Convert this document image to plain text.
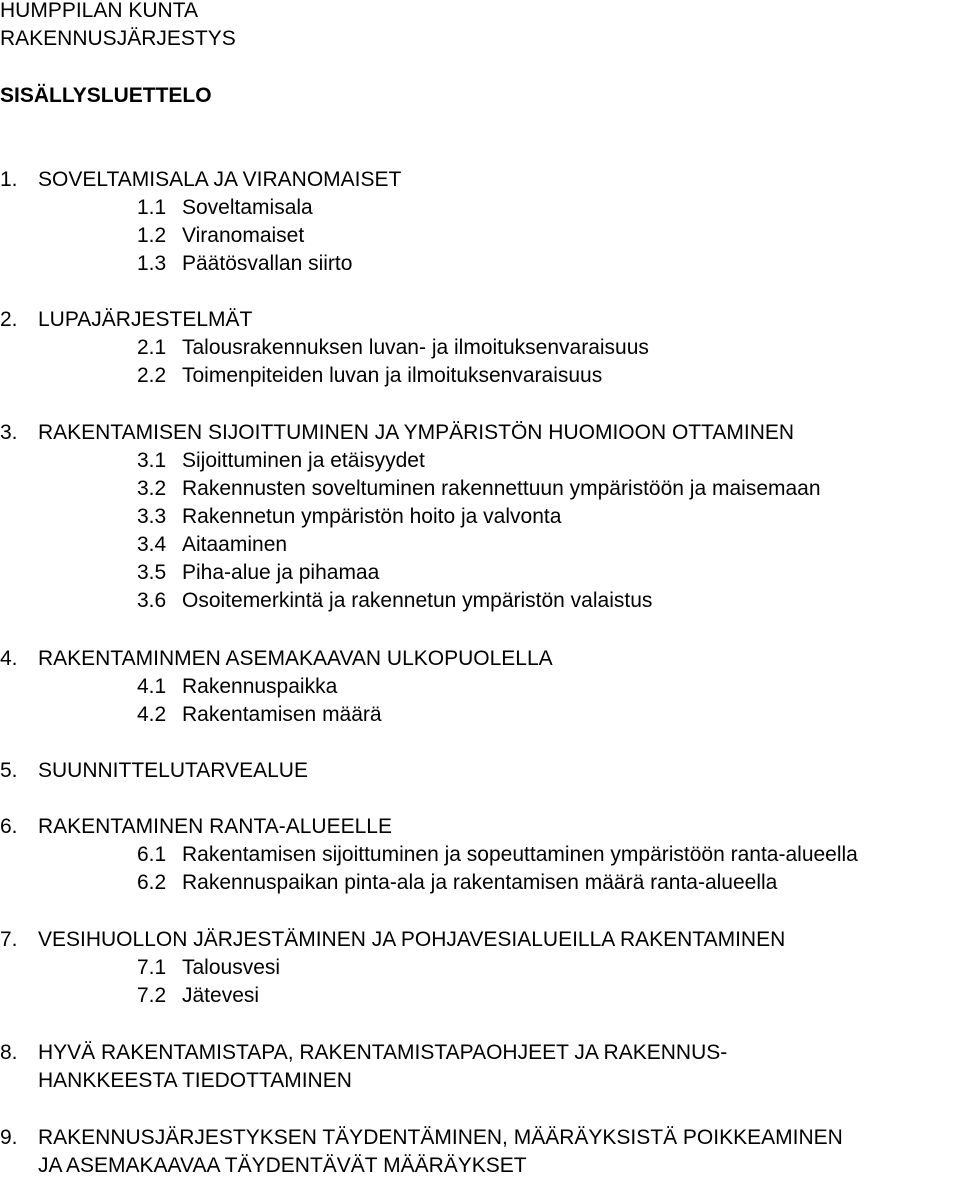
HUMPPILAN KUNTA
RAKENNUSJÄRJESTYS
SISÄLLYSLUETTELO
1. SOVELTAMISALA JA VIRANOMAISET
1.1 Soveltamisala
1.2 Viranomaiset
1.3 Päätösvallan siirto
2. LUPAJÄRJESTELMÄT
2.1 Talousrakennuksen luvan- ja ilmoituksenvaraisuus
2.2 Toimenpiteiden luvan ja ilmoituksenvaraisuus
3. RAKENTAMISEN SIJOITTUMINEN JA YMPÄRISTÖN HUOMIOON OTTAMINEN
3.1 Sijoittuminen ja etäisyydet
3.2 Rakennusten soveltuminen rakennettuun ympäristöön ja maisemaan
3.3 Rakennetun ympäristön hoito ja valvonta
3.4 Aitaaminen
3.5 Piha-alue ja pihamaa
3.6 Osoitemerkintä ja rakennetun ympäristön valaistus
4. RAKENTAMINMEN ASEMAKAAVAN ULKOPUOLELLA
4.1 Rakennuspaikka
4.2 Rakentamisen määrä
5. SUUNNITTELUTARVEALUE
6. RAKENTAMINEN RANTA-ALUEELLE
6.1 Rakentamisen sijoittuminen ja sopeuttaminen ympäristöön ranta-alueella
6.2 Rakennuspaikan pinta-ala ja rakentamisen määrä ranta-alueella
7. VESIHUOLLON JÄRJESTÄMINEN JA POHJAVESIALUEILLA RAKENTAMINEN
7.1 Talousvesi
7.2 Jätevesi
8. HYVÄ RAKENTAMISTAPA, RAKENTAMISTAPAOHJEET JA RAKENNUS-
HANKKEESTA TIEDOTTAMINEN
9. RAKENNUSJÄRJESTYKSEN TÄYDENTÄMINEN, MÄÄRÄYKSISTÄ POIKKEAMINEN
JA ASEMAKAAVAA TÄYDENTÄVÄT MÄÄRÄYKSET
